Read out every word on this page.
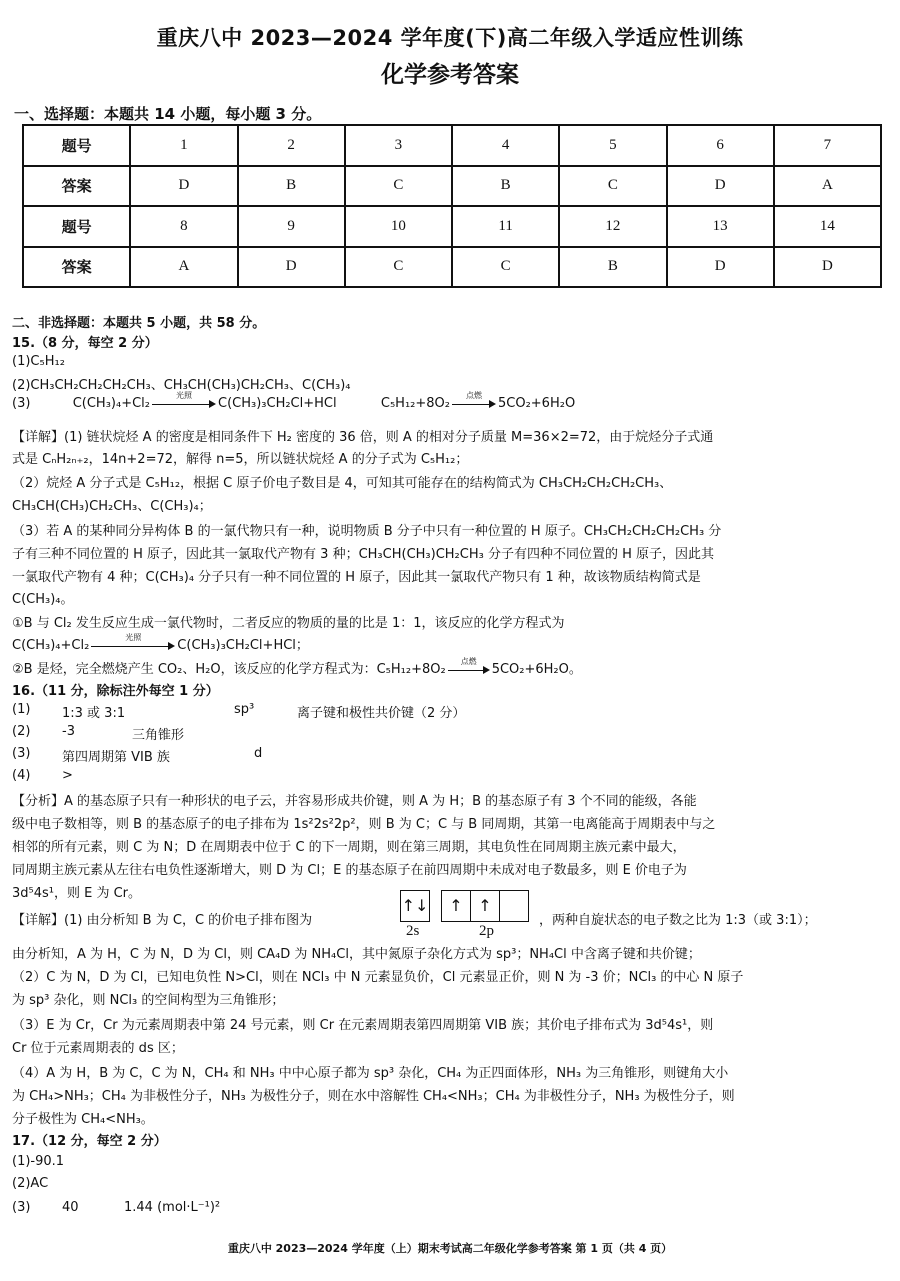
重庆八中 2023—2024 学年度(下)高二年级入学适应性训练
化学参考答案
一、选择题：本题共 14 小题，每小题 3 分。
题号	1	2	3	4	5	6	7
答案	D	B	C	B	C	D	A
题号	8	9	10	11	12	13	14
答案	A	D	C	C	B	D	D
二、非选择题：本题共 5 小题，共 58 分。
15.（8 分，每空 2 分）
(1)C₅H₁₂
(2)CH₃CH₂CH₂CH₂CH₃、CH₃CH(CH₃)CH₂CH₃、C(CH₃)₄
(3)	C(CH₃)₄+Cl₂
光照
C(CH₃)₃CH₂Cl+HCl	C₅H₁₂+8O₂
点燃
5CO₂+6H₂O
【详解】(1) 链状烷烃 A 的密度是相同条件下 H₂ 密度的 36 倍，则 A 的相对分子质量 M=36×2=72，由于烷烃分子式通
式是 CₙH₂ₙ₊₂，14n+2=72，解得 n=5，所以链状烷烃 A 的分子式为 C₅H₁₂；
（2）烷烃 A 分子式是 C₅H₁₂，根据 C 原子价电子数目是 4，可知其可能存在的结构简式为 CH₃CH₂CH₂CH₂CH₃、
CH₃CH(CH₃)CH₂CH₃、C(CH₃)₄；
（3）若 A 的某种同分异构体 B 的一氯代物只有一种，说明物质 B 分子中只有一种位置的 H 原子。CH₃CH₂CH₂CH₂CH₃ 分
子有三种不同位置的 H 原子，因此其一氯取代产物有 3 种；CH₃CH(CH₃)CH₂CH₃ 分子有四种不同位置的 H 原子，因此其
一氯取代产物有 4 种；C(CH₃)₄ 分子只有一种不同位置的 H 原子，因此其一氯取代产物只有 1 种，故该物质结构简式是
C(CH₃)₄。
①B 与 Cl₂ 发生反应生成一氯代物时，二者反应的物质的量的比是 1：1，该反应的化学方程式为
C(CH₃)₄+Cl₂
光照
C(CH₃)₃CH₂Cl+HCl；
②B 是烃，完全燃烧产生 CO₂、H₂O，该反应的化学方程式为：C₅H₁₂+8O₂
点燃
5CO₂+6H₂O。
16.（11 分，除标注外每空 1 分）
(1) 1:3 或 3:1	sp³	离子键和极性共价键（2 分）
(2) -3	三角锥形
(3) 第四周期第 VIB 族	d
(4) >
【分析】A 的基态原子只有一种形状的电子云，并容易形成共价键，则 A 为 H；B 的基态原子有 3 个不同的能级，各能
级中电子数相等，则 B 的基态原子的电子排布为 1s²2s²2p²，则 B 为 C；C 与 B 同周期，其第一电离能高于周期表中与之
相邻的所有元素，则 C 为 N；D 在周期表中位于 C 的下一周期，则在第三周期，其电负性在同周期主族元素中最大，
同周期主族元素从左往右电负性逐渐增大，则 D 为 Cl；E 的基态原子在前四周期中未成对电子数最多，则 E 价电子为
3d⁵4s¹，则 E 为 Cr。
【详解】(1) 由分析知 B 为 C，C 的价电子排布图为	，两种自旋状态的电子数之比为 1:3（或 3:1）；
由分析知，A 为 H，C 为 N，D 为 Cl，则 CA₄D 为 NH₄Cl，其中氮原子杂化方式为 sp³；NH₄Cl 中含离子键和共价键；
（2）C 为 N，D 为 Cl，已知电负性 N>Cl，则在 NCl₃ 中 N 元素显负价，Cl 元素显正价，则 N 为 -3 价；NCl₃ 的中心 N 原子
为 sp³ 杂化，则 NCl₃ 的空间构型为三角锥形；
（3）E 为 Cr，Cr 为元素周期表中第 24 号元素，则 Cr 在元素周期表第四周期第 VIB 族；其价电子排布式为 3d⁵4s¹，则
Cr 位于元素周期表的 ds 区；
（4）A 为 H，B 为 C，C 为 N，CH₄ 和 NH₃ 中中心原子都为 sp³ 杂化，CH₄ 为正四面体形，NH₃ 为三角锥形，则键角大小
为 CH₄>NH₃；CH₄ 为非极性分子，NH₃ 为极性分子，则在水中溶解性 CH₄<NH₃；CH₄ 为非极性分子，NH₃ 为极性分子，则
分子极性为 CH₄<NH₃。
17.（12 分，每空 2 分）
(1)-90.1
(2)AC
(3) 40	1.44 (mol·L⁻¹)²
↑↓	↑ ↑
2s	2p
重庆八中 2023—2024 学年度（上）期末考试高二年级化学参考答案 第 1 页（共 4 页）
